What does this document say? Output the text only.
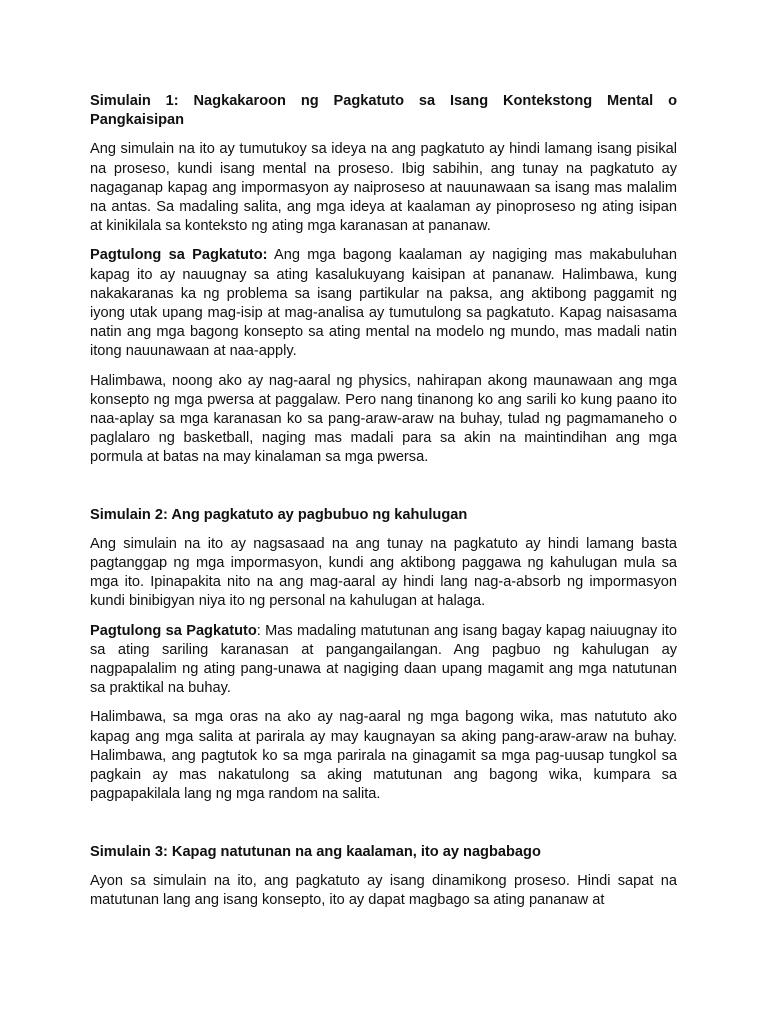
Simulain 1: Nagkakaroon ng Pagkatuto sa Isang Kontekstong Mental o Pangkaisipan

Ang simulain na ito ay tumutukoy sa ideya na ang pagkatuto ay hindi lamang isang pisikal na proseso, kundi isang mental na proseso. Ibig sabihin, ang tunay na pagkatuto ay nagaganap kapag ang impormasyon ay naiproseso at nauunawaan sa isang mas malalim na antas. Sa madaling salita, ang mga ideya at kaalaman ay pinoproseso ng ating isipan at kinikilala sa konteksto ng ating mga karanasan at pananaw.

Pagtulong sa Pagkatuto: Ang mga bagong kaalaman ay nagiging mas makabuluhan kapag ito ay nauugnay sa ating kasalukuyang kaisipan at pananaw. Halimbawa, kung nakakaranas ka ng problema sa isang partikular na paksa, ang aktibong paggamit ng iyong utak upang mag-isip at mag-analisa ay tumutulong sa pagkatuto. Kapag naisasama natin ang mga bagong konsepto sa ating mental na modelo ng mundo, mas madali natin itong nauunawaan at naa-apply.

Halimbawa, noong ako ay nag-aaral ng physics, nahirapan akong maunawaan ang mga konsepto ng mga pwersa at paggalaw. Pero nang tinanong ko ang sarili ko kung paano ito naa-aplay sa mga karanasan ko sa pang-araw-araw na buhay, tulad ng pagmamaneho o paglalaro ng basketball, naging mas madali para sa akin na maintindihan ang mga pormula at batas na may kinalaman sa mga pwersa.

Simulain 2: Ang pagkatuto ay pagbubuo ng kahulugan

Ang simulain na ito ay nagsasaad na ang tunay na pagkatuto ay hindi lamang basta pagtanggap ng mga impormasyon, kundi ang aktibong paggawa ng kahulugan mula sa mga ito. Ipinapakita nito na ang mag-aaral ay hindi lang nag-a-absorb ng impormasyon kundi binibigyan niya ito ng personal na kahulugan at halaga.

Pagtulong sa Pagkatuto: Mas madaling matutunan ang isang bagay kapag naiuugnay ito sa ating sariling karanasan at pangangailangan. Ang pagbuo ng kahulugan ay nagpapalalim ng ating pang-unawa at nagiging daan upang magamit ang mga natutunan sa praktikal na buhay.

Halimbawa, sa mga oras na ako ay nag-aaral ng mga bagong wika, mas natututo ako kapag ang mga salita at parirala ay may kaugnayan sa aking pang-araw-araw na buhay. Halimbawa, ang pagtutok ko sa mga parirala na ginagamit sa mga pag-uusap tungkol sa pagkain ay mas nakatulong sa aking matutunan ang bagong wika, kumpara sa pagpapakilala lang ng mga random na salita.

Simulain 3: Kapag natutunan na ang kaalaman, ito ay nagbabago

Ayon sa simulain na ito, ang pagkatuto ay isang dinamikong proseso. Hindi sapat na matutunan lang ang isang konsepto, ito ay dapat magbago sa ating pananaw at
